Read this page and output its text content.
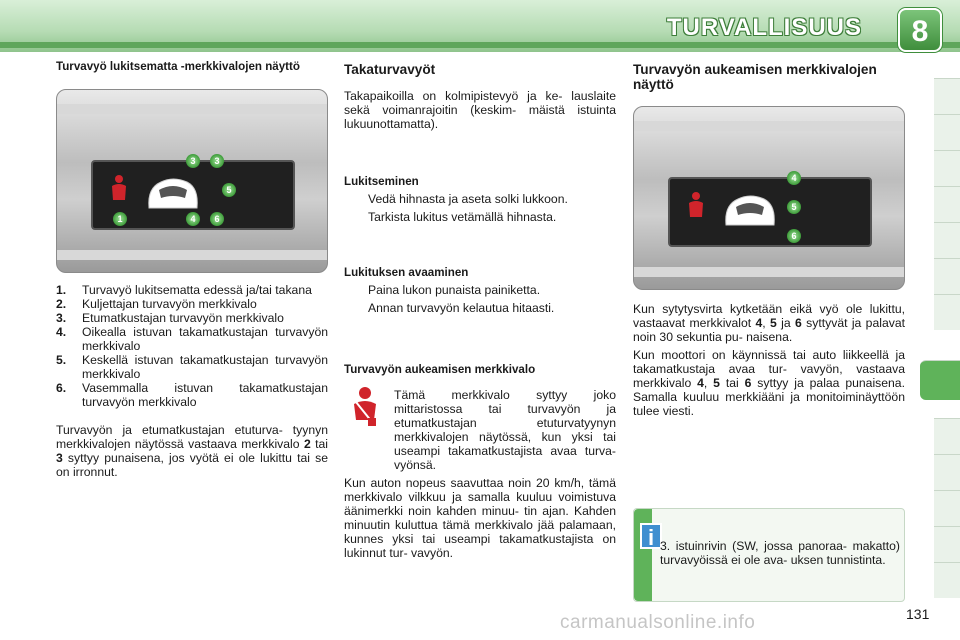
TURVALLISUUS	8
Turvavyö lukitsematta -merkkivalojen näyttö
3	3
5
1	4	6
1.	Turvavyö lukitsematta edessä ja/tai takana
2.	Kuljettajan turvavyön merkkivalo
3.	Etumatkustajan turvavyön merkkivalo
4.	Oikealla istuvan takamatkustajan turvavyön merkkivalo
5.	Keskellä istuvan takamatkustajan turvavyön merkkivalo
6.	Vasemmalla istuvan takamatkustajan turvavyön merkkivalo

Turvavyön ja etumatkustajan etuturva- tyynyn merkkivalojen näytössä vastaava merkkivalo 2 tai 3 syttyy punaisena, jos vyötä ei ole lukittu tai se on irronnut.

Takaturvavyöt

Takapaikoilla on kolmipistevyö ja ke- lauslaite sekä voimanrajoitin (keskim- mäistä istuinta lukuunottamatta).

Lukitseminen
Vedä hihnasta ja aseta solki lukkoon.
Tarkista lukitus vetämällä hihnasta.
Lukituksen avaaminen
Paina lukon punaista painiketta.
Annan turvavyön kelautua hitaasti.
Turvavyön aukeamisen merkkivalo

Tämä merkkivalo syttyy joko mittaristossa tai turvavyön ja etumatkustajan etuturvatyynyn merkkivalojen näytössä, kun yksi tai useampi takamatkustajista avaa turva- vyönsä.

Kun auton nopeus saavuttaa noin 20 km/h, tämä merkkivalo vilkkuu ja samalla kuuluu voimistuva äänimerkki noin kahden minuu- tin ajan. Kahden minuutin kuluttua tämä merkkivalo jää palamaan, kunnes yksi tai useampi takamatkustajista on lukinnut tur- vavyön.

Turvavyön aukeamisen merkkivalojen näyttö
4
5
6

Kun sytytysvirta kytketään eikä vyö ole lukittu, vastaavat merkkivalot 4, 5 ja 6 syttyvät ja palavat noin 30 sekuntia pu- naisena.

Kun moottori on käynnissä tai auto liikkeellä ja takamatkustaja avaa tur- vavyön, vastaava merkkivalo 4, 5 tai 6 syttyy ja palaa punaisena. Samalla kuuluu merkkiääni ja monitoiminäyttöön tulee viesti.

i 3. istuinrivin (SW, jossa panoraa- makatto) turvavyöissä ei ole ava- uksen tunnistinta.
carmanualsonline.info	131
